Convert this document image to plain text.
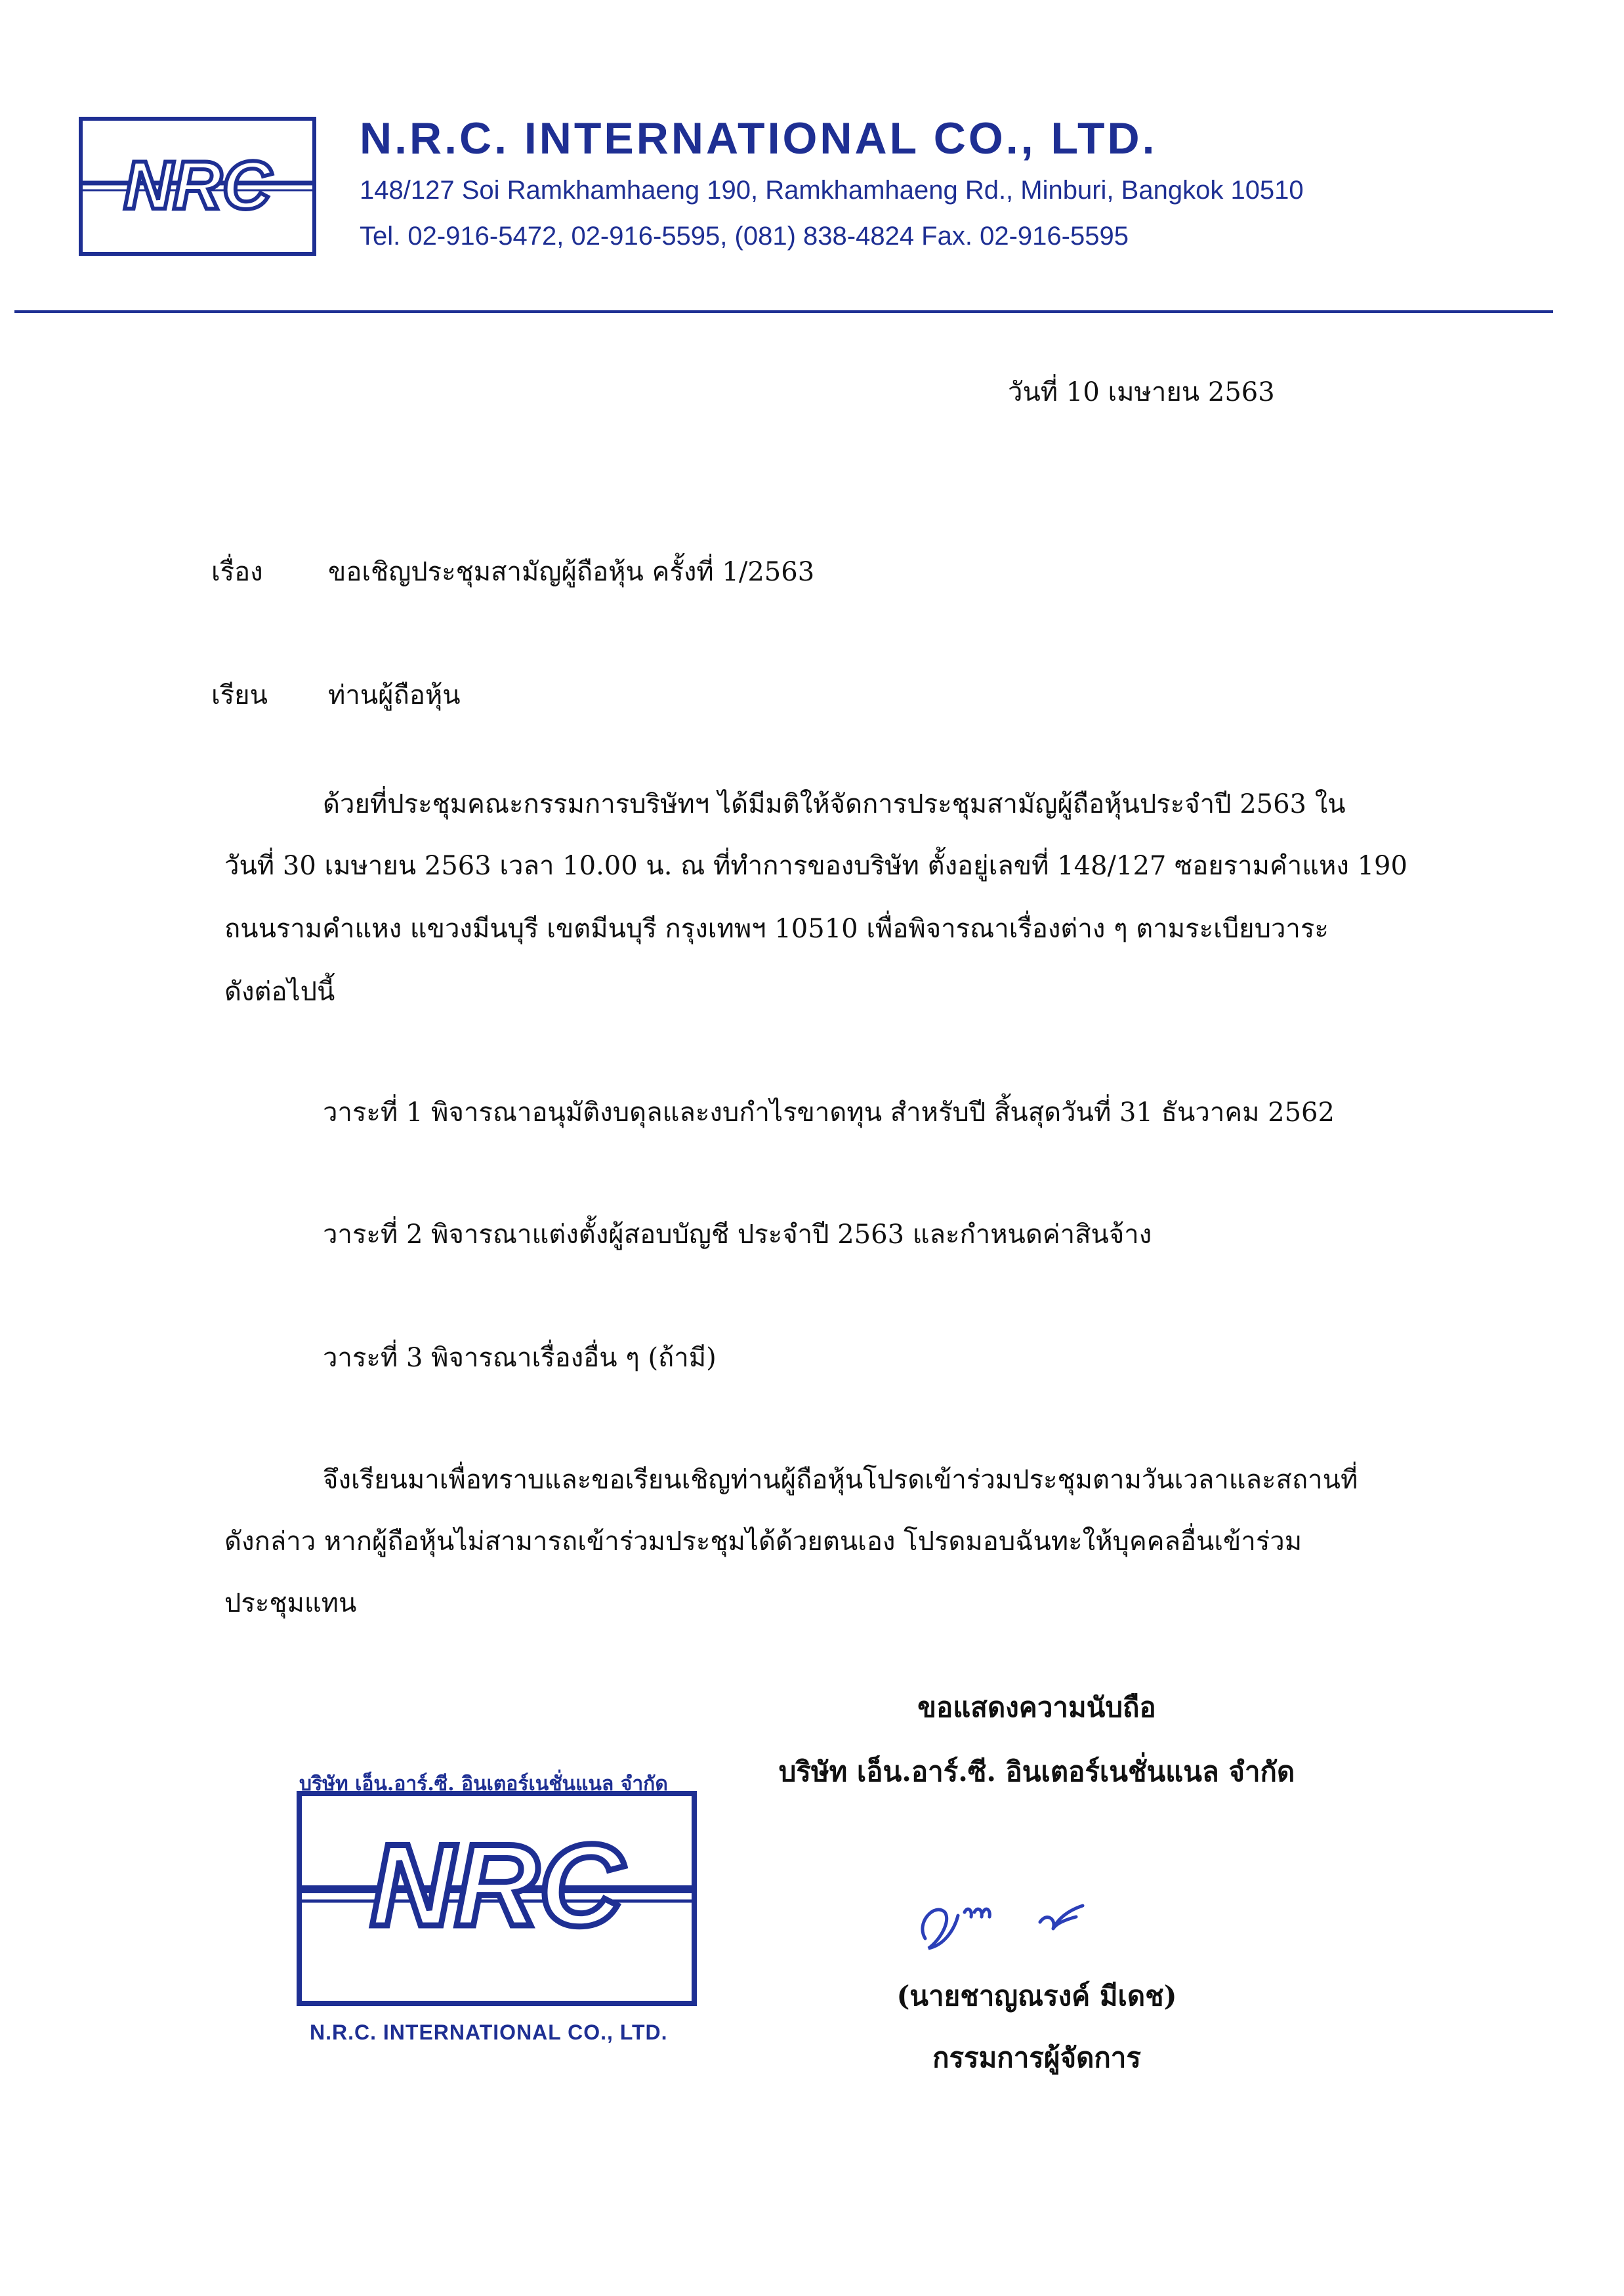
NRC
N.R.C. INTERNATIONAL CO., LTD.
148/127 Soi Ramkhamhaeng 190, Ramkhamhaeng Rd., Minburi, Bangkok 10510
Tel. 02-916-5472, 02-916-5595, (081) 838-4824 Fax. 02-916-5595
วันที่ 10 เมษายน 2563
เรื่อง ขอเชิญประชุมสามัญผู้ถือหุ้น ครั้งที่ 1/2563
เรียน ท่านผู้ถือหุ้น
ด้วยที่ประชุมคณะกรรมการบริษัทฯ ได้มีมติให้จัดการประชุมสามัญผู้ถือหุ้นประจำปี 2563 ใน
วันที่ 30 เมษายน 2563 เวลา 10.00 น. ณ ที่ทำการของบริษัท ตั้งอยู่เลขที่ 148/127 ซอยรามคำแหง 190
ถนนรามคำแหง แขวงมีนบุรี เขตมีนบุรี กรุงเทพฯ 10510 เพื่อพิจารณาเรื่องต่าง ๆ ตามระเบียบวาระ
ดังต่อไปนี้
วาระที่ 1 พิจารณาอนุมัติงบดุลและงบกำไรขาดทุน สำหรับปี สิ้นสุดวันที่ 31 ธันวาคม 2562
วาระที่ 2 พิจารณาแต่งตั้งผู้สอบบัญชี ประจำปี 2563 และกำหนดค่าสินจ้าง
วาระที่ 3 พิจารณาเรื่องอื่น ๆ (ถ้ามี)
จึงเรียนมาเพื่อทราบและขอเรียนเชิญท่านผู้ถือหุ้นโปรดเข้าร่วมประชุมตามวันเวลาและสถานที่
ดังกล่าว หากผู้ถือหุ้นไม่สามารถเข้าร่วมประชุมได้ด้วยตนเอง โปรดมอบฉันทะให้บุคคลอื่นเข้าร่วม
ประชุมแทน
ขอแสดงความนับถือ
บริษัท เอ็น.อาร์.ซี. อินเตอร์เนชั่นแนล จำกัด
(นายชาญณรงค์ มีเดช)
กรรมการผู้จัดการ
NRC
บริษัท เอ็น.อาร์.ซี. อินเตอร์เนชั่นแนล จำกัด
N.R.C. INTERNATIONAL CO., LTD.
